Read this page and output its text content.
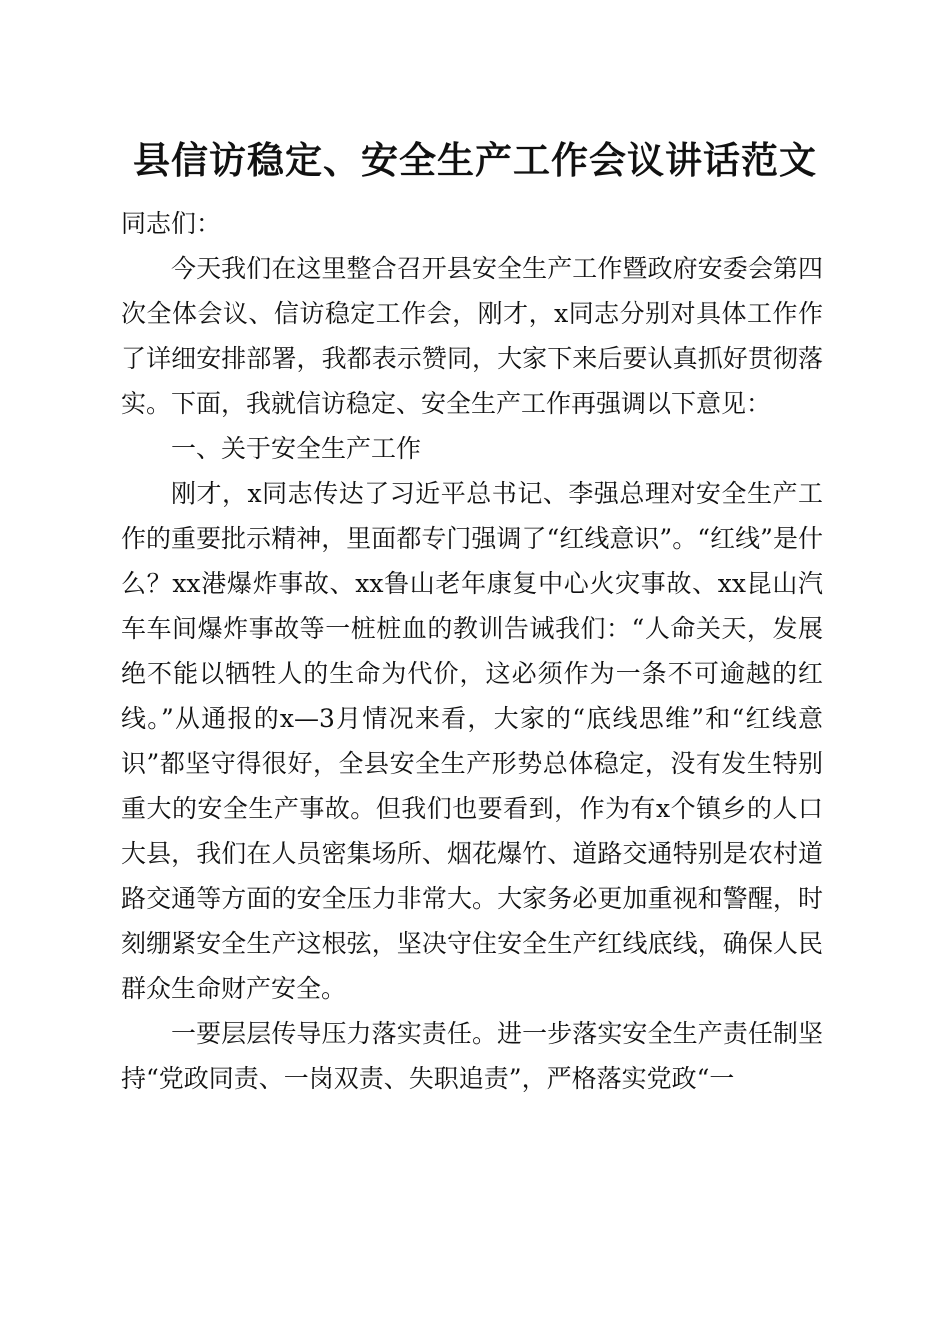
县信访稳定、安全生产工作会议讲话范文

同志们：

今天我们在这里整合召开县安全生产工作暨政府安委会第四次全体会议、信访稳定工作会，刚才，x同志分别对具体工作作了详细安排部署，我都表示赞同，大家下来后要认真抓好贯彻落实。下面，我就信访稳定、安全生产工作再强调以下意见：

一、关于安全生产工作

刚才，x同志传达了习近平总书记、李强总理对安全生产工作的重要批示精神，里面都专门强调了“红线意识”。“红线”是什么？xx港爆炸事故、xx鲁山老年康复中心火灾事故、xx昆山汽车车间爆炸事故等一桩桩血的教训告诫我们：“人命关天，发展绝不能以牺牲人的生命为代价，这必须作为一条不可逾越的红线。”从通报的x—3月情况来看，大家的“底线思维”和“红线意识”都坚守得很好，全县安全生产形势总体稳定，没有发生特别重大的安全生产事故。但我们也要看到，作为有x个镇乡的人口大县，我们在人员密集场所、烟花爆竹、道路交通特别是农村道路交通等方面的安全压力非常大。大家务必更加重视和警醒，时刻绷紧安全生产这根弦，坚决守住安全生产红线底线，确保人民群众生命财产安全。

一要层层传导压力落实责任。进一步落实安全生产责任制坚持“党政同责、一岗双责、失职追责”，严格落实党政“一
